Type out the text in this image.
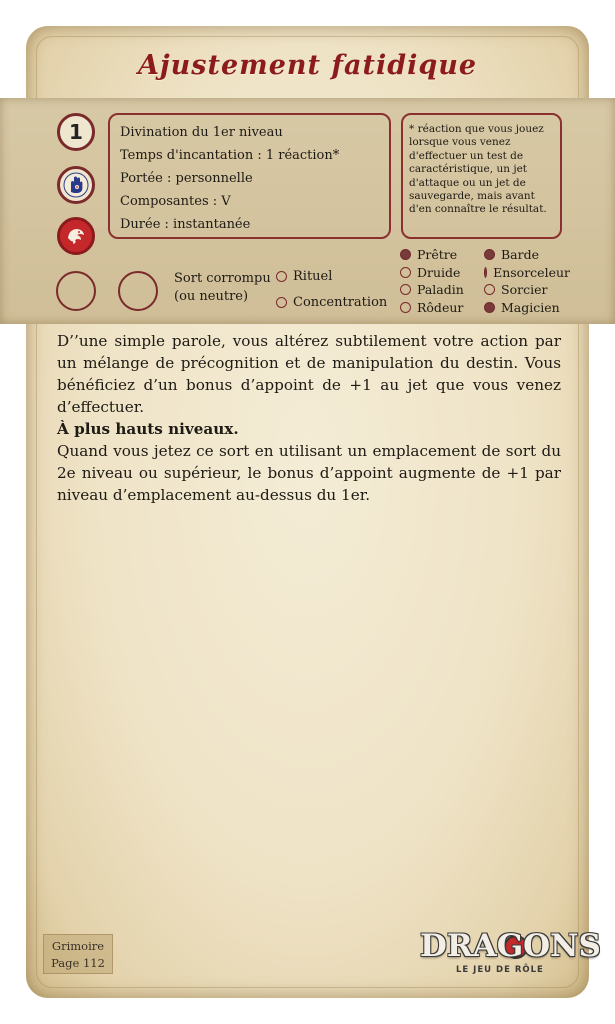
Ajustement fatidique
1	Divination du 1er niveau
Temps d'incantation : 1 réaction*
Portée : personnelle
Composantes : V
Durée : instantanée
* réaction que vous jouez lorsque vous venez d'effectuer un test de caractéristique, un jet d'attaque ou un jet de sauvegarde, mais avant d'en connaître le résultat.
Sort corrompu
(ou neutre)
Rituel
Concentration
Prêtre	Barde
Druide	Ensorceleur
Paladin	Sorcier
Rôdeur	Magicien

D’’une simple parole, vous altérez subtilement votre action par un mélange de précognition et de manipulation du destin. Vous bénéficiez d’un bonus d’appoint de +1 au jet que vous venez d’effectuer.

À plus hauts niveaux.

Quand vous jetez ce sort en utilisant un emplacement de sort du 2e niveau ou supérieur, le bonus d’appoint augmente de +1 par niveau d’emplacement au-dessus du 1er.

Grimoire
Page 112	DRAGONS
LE JEU DE RÔLE
